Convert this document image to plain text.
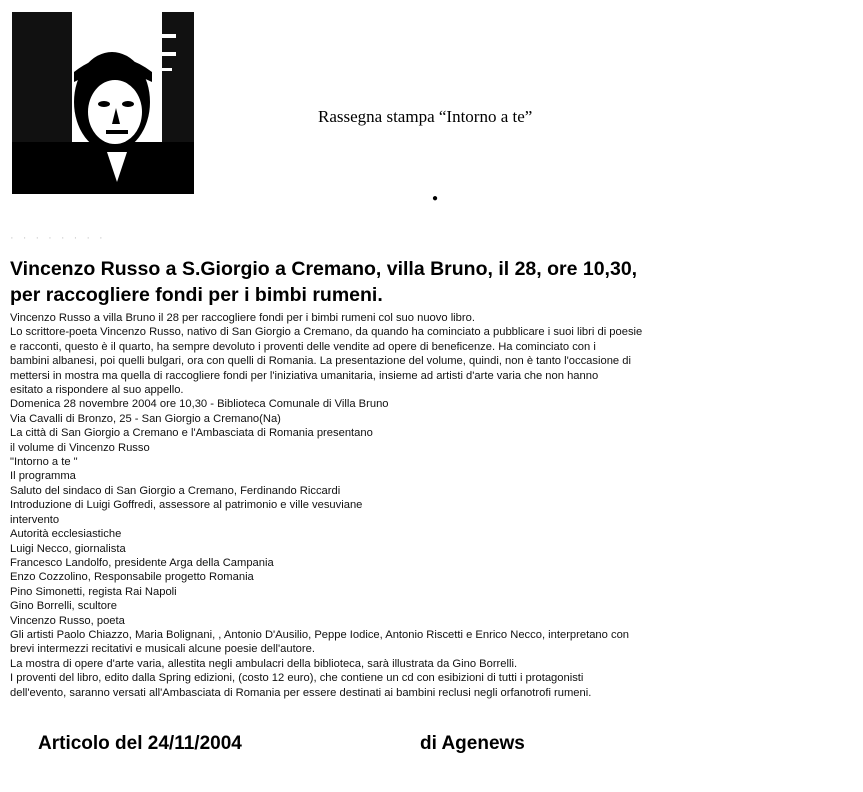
Rassegna stampa “Intorno a te”
●
· · · · · · · ·
Vincenzo Russo a S.Giorgio a Cremano, villa Bruno, il 28, ore 10,30,
per raccogliere fondi per i bimbi rumeni.
Vincenzo Russo a villa Bruno il 28 per raccogliere fondi per i bimbi rumeni col suo nuovo libro.
Lo scrittore-poeta Vincenzo Russo, nativo di San Giorgio a Cremano, da quando ha cominciato a pubblicare i suoi libri di poesie
e racconti, questo è il quarto, ha sempre devoluto i proventi delle vendite ad opere di beneficenze. Ha cominciato con i
bambini albanesi, poi quelli bulgari, ora con quelli di Romania. La presentazione del volume, quindi, non è tanto l'occasione di
mettersi in mostra ma quella di raccogliere fondi per l'iniziativa umanitaria, insieme ad artisti d'arte varia che non hanno
esitato a rispondere al suo appello.
Domenica 28 novembre 2004 ore 10,30 - Biblioteca Comunale di Villa Bruno
Via Cavalli di Bronzo, 25 - San Giorgio a Cremano(Na)
La città di San Giorgio a Cremano e l'Ambasciata di Romania presentano
il volume di Vincenzo Russo
"Intorno a te "
Il programma
Saluto del sindaco di San Giorgio a Cremano, Ferdinando Riccardi
Introduzione di Luigi Goffredi, assessore al patrimonio e ville vesuviane
intervento
Autorità ecclesiastiche
Luigi Necco, giornalista
Francesco Landolfo, presidente Arga della Campania
Enzo Cozzolino, Responsabile progetto Romania
Pino Simonetti, regista Rai Napoli
Gino Borrelli, scultore
Vincenzo Russo, poeta
Gli artisti Paolo Chiazzo, Maria Bolignani, , Antonio D'Ausilio, Peppe Iodice, Antonio Riscetti e Enrico Necco, interpretano con
brevi intermezzi recitativi e musicali alcune poesie dell'autore.
La mostra di opere d'arte varia, allestita negli ambulacri della biblioteca, sarà illustrata da Gino Borrelli.
I proventi del libro, edito dalla Spring edizioni, (costo 12 euro), che contiene un cd con esibizioni di tutti i protagonisti
dell'evento, saranno versati all'Ambasciata di Romania per essere destinati ai bambini reclusi negli orfanotrofi rumeni.
Articolo del 24/11/2004	di Agenews
